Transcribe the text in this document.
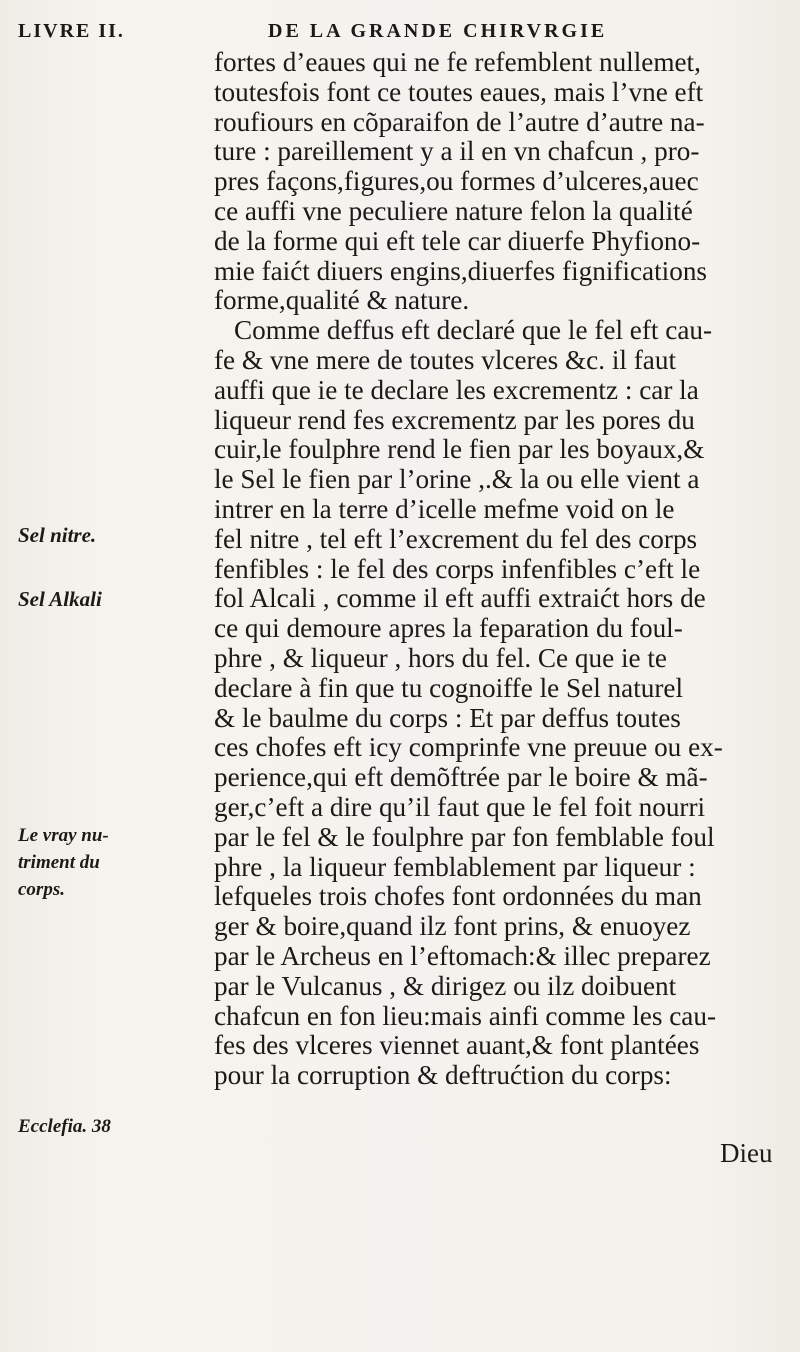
LIVRE II.	DE LA GRANDE CHIRVRGIE
fortes d’eaues qui ne fe refemblent nullemet,
toutesfois font ce toutes eaues, mais l’vne eft
roufiours en cõparaifon de l’autre d’autre na-
ture : pareillement y a il en vn chafcun , pro-
pres façons,figures,ou formes d’ulceres,auec
ce auffi vne peculiere nature felon la qualité
de la forme qui eft tele car diuerfe Phyfiono-
mie faićt diuers engins,diuerfes fignifications
forme,qualité & nature.
Comme deffus eft declaré que le fel eft cau-
fe & vne mere de toutes vlceres &c. il faut
auffi que ie te declare les excrementz : car la
liqueur rend fes excrementz par les pores du
cuir,le foulphre rend le fien par les boyaux,&
le Sel le fien par l’orine ,.& la ou elle vient a
intrer en la terre d’icelle mefme void on le
fel nitre , tel eft l’excrement du fel des corps
fenfibles : le fel des corps infenfibles c’eft le
fol Alcali , comme il eft auffi extraićt hors de
ce qui demoure apres la feparation du foul-
phre , & liqueur , hors du fel. Ce que ie te
declare à fin que tu cognoiffe le Sel naturel
& le baulme du corps : Et par deffus toutes
ces chofes eft icy comprinfe vne preuue ou ex-
perience,qui eft demõftrée par le boire & mã-
ger,c’eft a dire qu’il faut que le fel foit nourri
par le fel & le foulphre par fon femblable foul
phre , la liqueur femblablement par liqueur :
lefqueles trois chofes font ordonnées du man
ger & boire,quand ilz font prins, & enuoyez
par le Archeus en l’eftomach:& illec preparez
par le Vulcanus , & dirigez ou ilz doibuent
chafcun en fon lieu:mais ainfi comme les cau-
fes des vlceres viennet auant,& font plantées
pour la corruption & deftrućtion du corps:
Dieu
Sel nitre.
Sel Alkali
Le vray nu-
triment du
corps.
Ecclefia. 38
